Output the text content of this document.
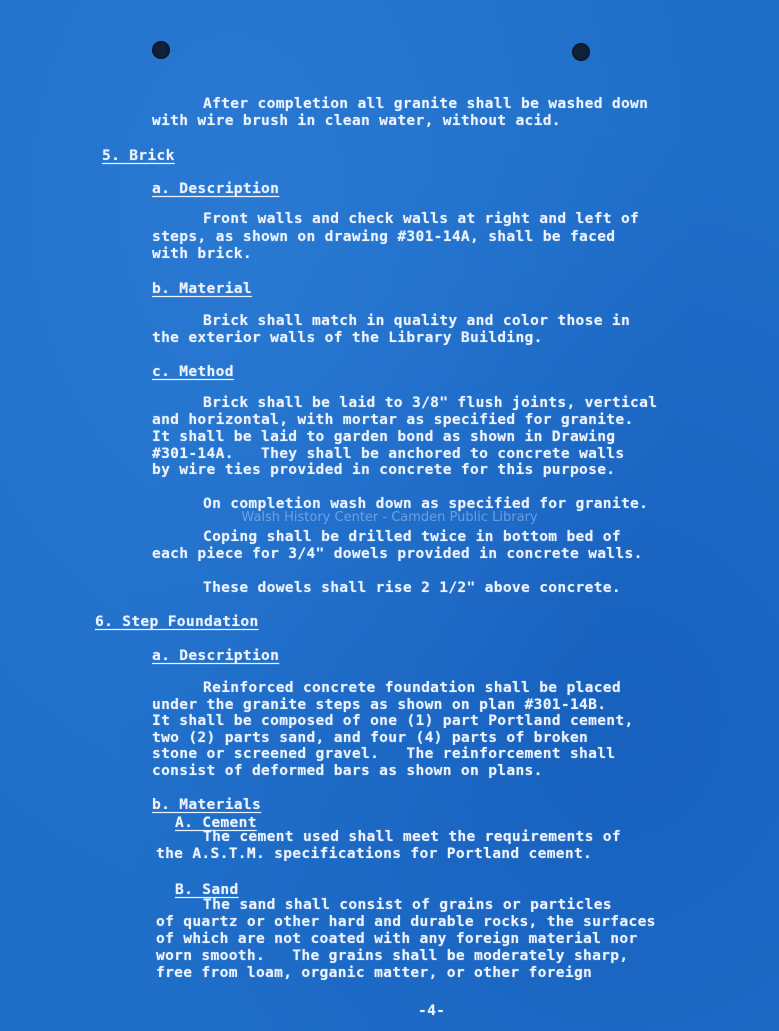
After completion all granite shall be washed down

with wire brush in clean water, without acid.

5. Brick

a. Description

Front walls and check walls at right and left of

steps, as shown on drawing #301-14A, shall be faced

with brick.

b. Material

Brick shall match in quality and color those in

the exterior walls of the Library Building.

c. Method

Brick shall be laid to 3/8" flush joints, vertical

and horizontal, with mortar as specified for granite.

It shall be laid to garden bond as shown in Drawing

#301-14A.   They shall be anchored to concrete walls

by wire ties provided in concrete for this purpose.

On completion wash down as specified for granite.

Walsh History Center - Camden Public Library

Coping shall be drilled twice in bottom bed of

each piece for 3/4" dowels provided in concrete walls.

These dowels shall rise 2 1/2" above concrete.

6. Step Foundation

a. Description

Reinforced concrete foundation shall be placed

under the granite steps as shown on plan #301-14B.

It shall be composed of one (1) part Portland cement,

two (2) parts sand, and four (4) parts of broken

stone or screened gravel.   The reinforcement shall

consist of deformed bars as shown on plans.

b. Materials

A. Cement

The cement used shall meet the requirements of

the A.S.T.M. specifications for Portland cement.

B. Sand

The sand shall consist of grains or particles

of quartz or other hard and durable rocks, the surfaces

of which are not coated with any foreign material nor

worn smooth.   The grains shall be moderately sharp,

free from loam, organic matter, or other foreign

-4-
